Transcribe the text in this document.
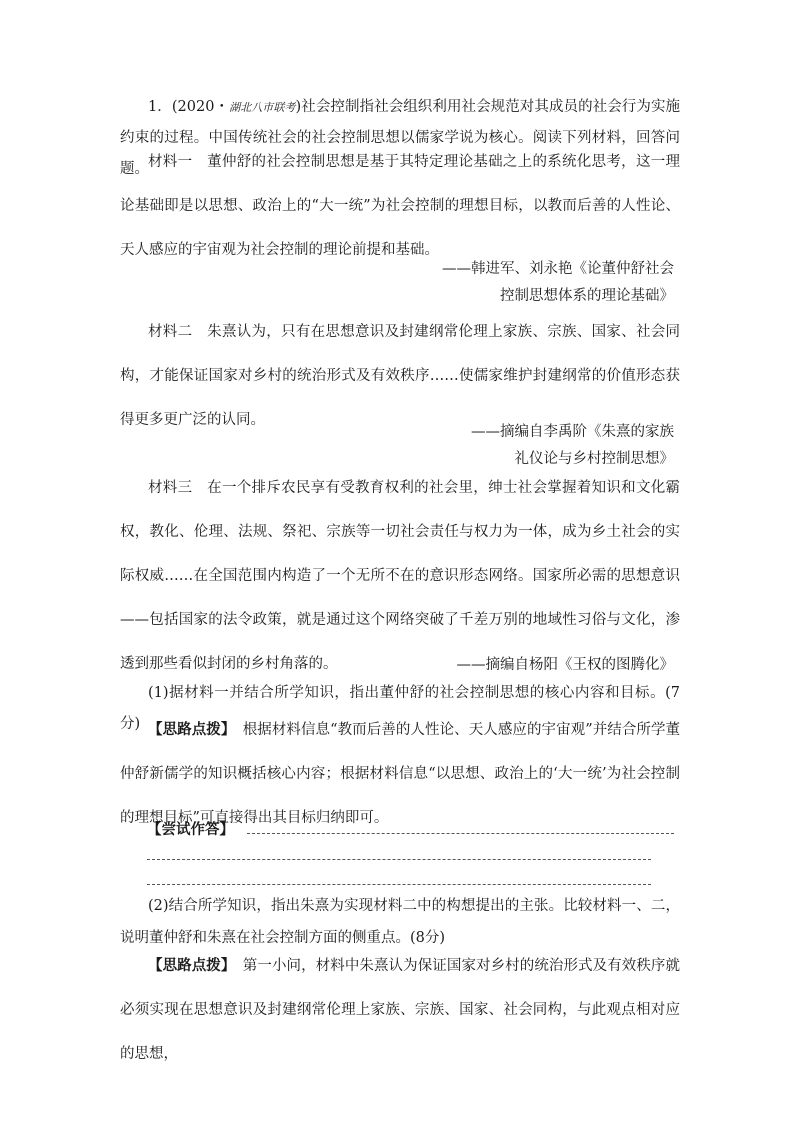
1．(2020・湖北八市联考)社会控制指社会组织利用社会规范对其成员的社会行为实施约束的过程。中国传统社会的社会控制思想以儒家学说为核心。阅读下列材料，回答问题。 材料一　 董仲舒的社会控制思想是基于其特定理论基础之上的系统化思考，这一理论基础即是以思想、政治上的“大一统”为社会控制的理想目标，以教而后善的人性论、天人感应的宇宙观为社会控制的理论前提和基础。

——韩进军、刘永艳《论董仲舒社会

控制思想体系的理论基础》

材料二　 朱熹认为，只有在思想意识及封建纲常伦理上家族、宗族、国家、社会同构，才能保证国家对乡村的统治形式及有效秩序……使儒家维护封建纲常的价值形态获得更多更广泛的认同。

——摘编自李禹阶《朱熹的家族

礼仪论与乡村控制思想》

材料三　 在一个排斥农民享有受教育权利的社会里，绅士社会掌握着知识和文化霸权，教化、伦理、法规、祭祀、宗族等一切社会责任与权力为一体，成为乡土社会的实际权威……在全国范围内构造了一个无所不在的意识形态网络。国家所必需的思想意识——包括国家的法令政策，就是通过这个网络突破了千差万别的地域性习俗与文化，渗透到那些看似封闭的乡村角落的。	——摘编自杨阳《王权的图腾化》

(1)据材料一并结合所学知识，指出董仲舒的社会控制思想的核心内容和目标。(7分) 【思路点拨】　 根据材料信息“教而后善的人性论、天人感应的宇宙观”并结合所学董仲舒新儒学的知识概括核心内容；根据材料信息“以思想、政治上的‘大一统’为社会控制的理想目标”可直接得出其目标归纳即可。

【尝试作答】

(2)结合所学知识，指出朱熹为实现材料二中的构想提出的主张。比较材料一、二，说明董仲舒和朱熹在社会控制方面的侧重点。(8分)

【思路点拨】　 第一小问，材料中朱熹认为保证国家对乡村的统治形式及有效秩序就必须实现在思想意识及封建纲常伦理上家族、宗族、国家、社会同构，与此观点相对应的思想，
